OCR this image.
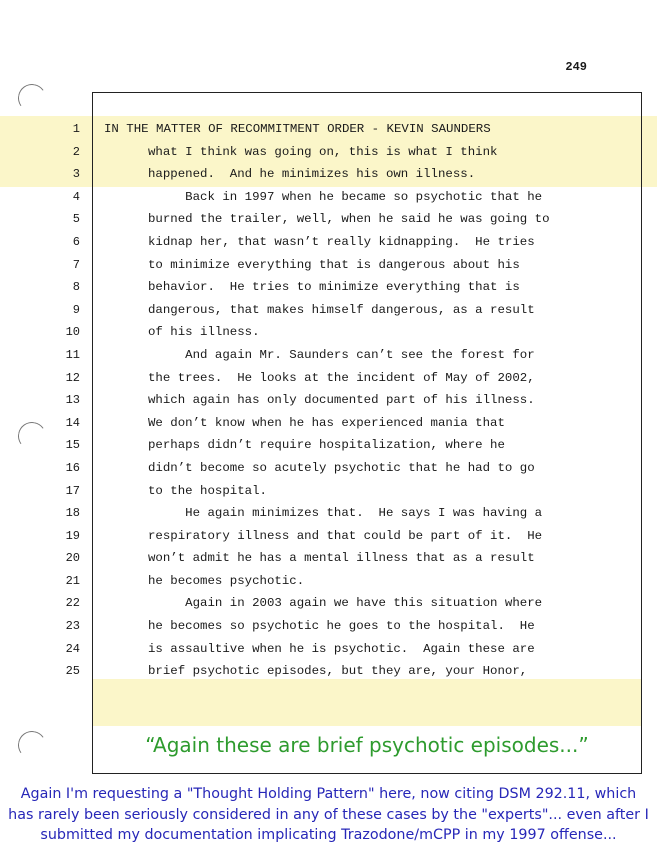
249
1 IN THE MATTER OF RECOMMITMENT ORDER - KEVIN SAUNDERS
2	what I think was going on, this is what I think
3	happened.  And he minimizes his own illness.
4	Back in 1997 when he became so psychotic that he
5	burned the trailer, well, when he said he was going to
6	kidnap her, that wasn’t really kidnapping.  He tries
7	to minimize everything that is dangerous about his
8	behavior.  He tries to minimize everything that is
9	dangerous, that makes himself dangerous, as a result
10	of his illness.
11	And again Mr. Saunders can’t see the forest for
12	the trees.  He looks at the incident of May of 2002,
13	which again has only documented part of his illness.
14	We don’t know when he has experienced mania that
15	perhaps didn’t require hospitalization, where he
16	didn’t become so acutely psychotic that he had to go
17	to the hospital.
18	He again minimizes that.  He says I was having a
19	respiratory illness and that could be part of it.  He
20	won’t admit he has a mental illness that as a result
21	he becomes psychotic.
22	Again in 2003 again we have this situation where
23	he becomes so psychotic he goes to the hospital.  He
24	is assaultive when he is psychotic.  Again these are
25	brief psychotic episodes, but they are, your Honor,
“Again these are brief psychotic episodes...”
Again I'm requesting a "Thought Holding Pattern" here, now citing DSM 292.11, which
has rarely been seriously considered in any of these cases by the "experts"... even after I
submitted my documentation implicating Trazodone/mCPP in my 1997 offense...
